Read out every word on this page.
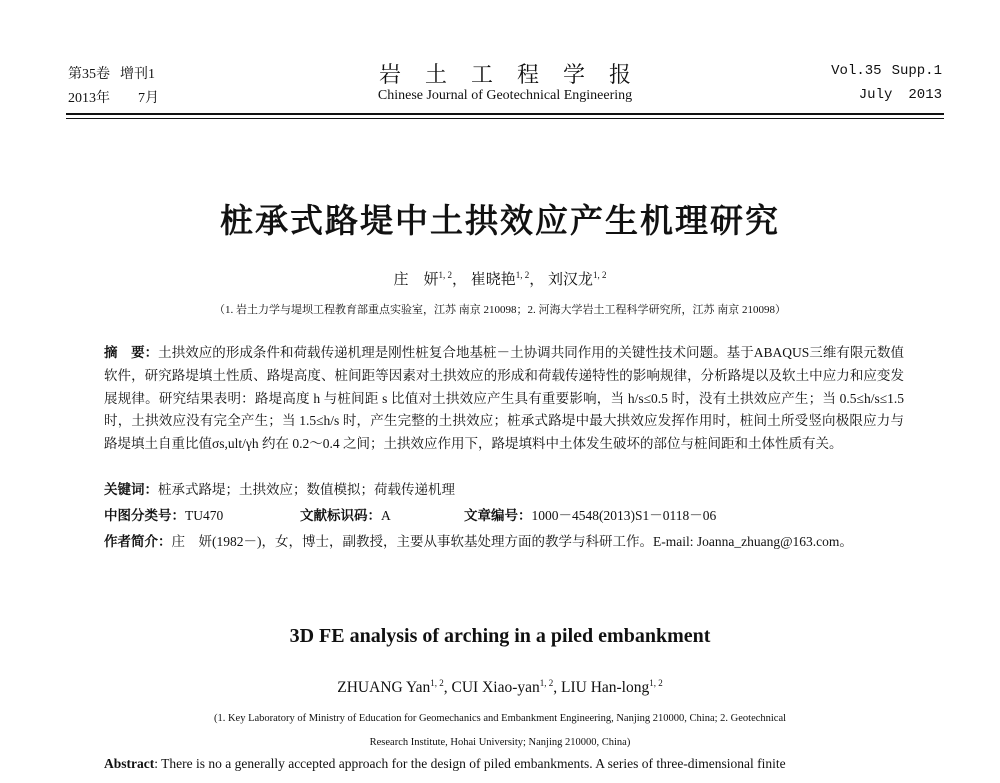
第35卷 增刊1
2013年 7月
岩土工程学报
Chinese Journal of Geotechnical Engineering
Vol.35 Supp.1
July 2013
桩承式路堤中土拱效应产生机理研究
庄　妍$^{1, 2}$， 崔晓艳$^{1, 2}$， 刘汉龙$^{1, 2}$
（1. 岩土力学与堤坝工程教育部重点实验室，江苏 南京 210098；2. 河海大学岩土工程科学研究所，江苏 南京 210098）
摘　要：土拱效应的形成条件和荷载传递机理是刚性桩复合地基桩－土协调共同作用的关键性技术问题。基于ABAQUS三维有限元数值软件，研究路堤填土性质、路堤高度、桩间距等因素对土拱效应的形成和荷载传递特性的影响规律，分析路堤以及软土中应力和应变发展规律。研究结果表明：路堤高度 h 与桩间距 s 比值对土拱效应产生具有重要影响，当 h/s≤0.5 时，没有土拱效应产生；当 0.5≤h/s≤1.5 时，土拱效应没有完全产生；当 1.5≤h/s 时，产生完整的土拱效应；桩承式路堤中最大拱效应发挥作用时，桩间土所受竖向极限应力与路堤填土自重比值σs,ult/γh 约在 0.2～0.4 之间；土拱效应作用下，路堤填料中土体发生破坏的部位与桩间距和土体性质有关。
关键词：桩承式路堤；土拱效应；数值模拟；荷载传递机理
中图分类号：TU470	文献标识码：A	文章编号：1000－4548(2013)S1－0118－06
作者简介：庄　妍(1982－)，女，博士，副教授，主要从事软基处理方面的教学与科研工作。E-mail: Joanna_zhuang@163.com。
3D FE analysis of arching in a piled embankment
ZHUANG Yan$^{1, 2}$, CUI Xiao-yan$^{1, 2}$, LIU Han-long$^{1, 2}$
(1. Key Laboratory of Ministry of Education for Geomechanics and Embankment Engineering, Nanjing 210000, China; 2. Geotechnical
Research Institute, Hohai University; Nanjing 210000, China)
Abstract: There is no a generally accepted approach for the design of piled embankments. A series of three-dimensional finite
